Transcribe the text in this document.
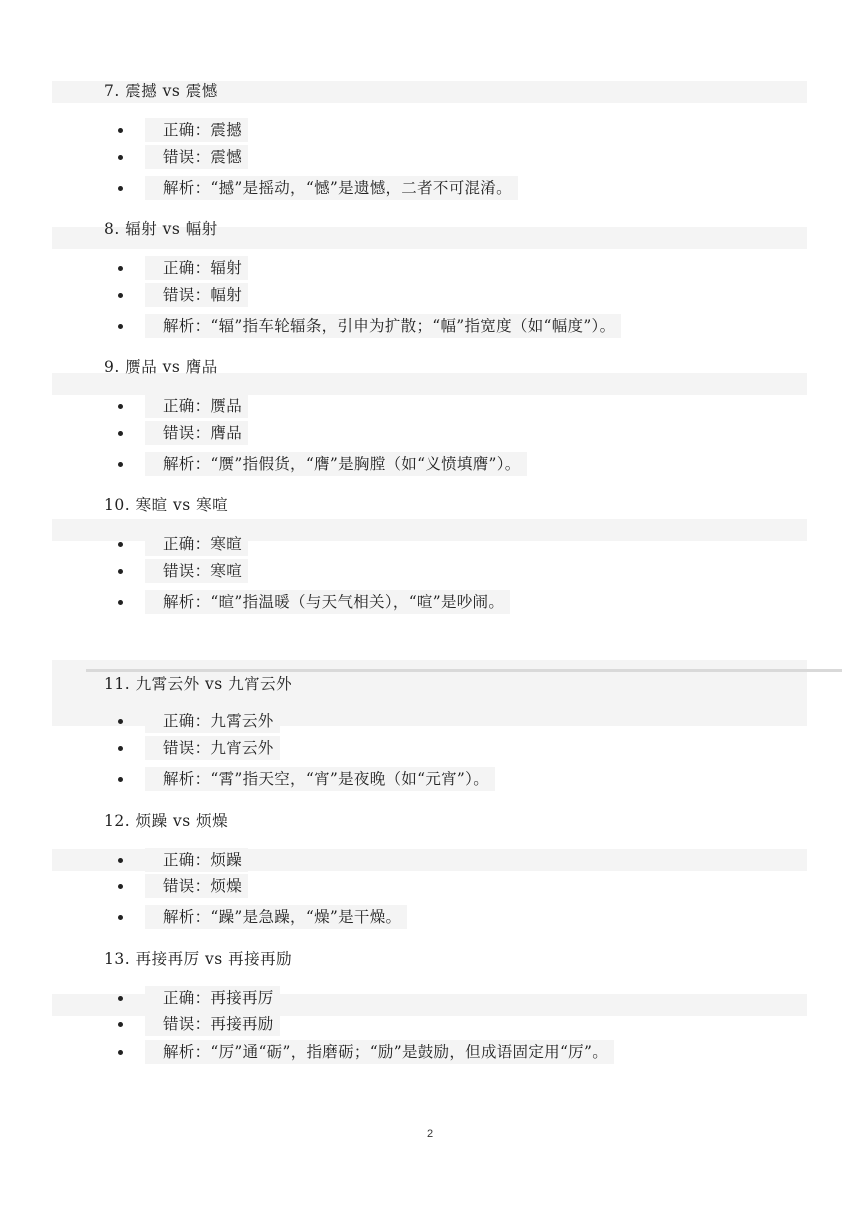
7. 震撼 vs 震憾
正确：震撼
错误：震憾
解析：“撼”是摇动，“憾”是遗憾，二者不可混淆。
8. 辐射 vs 幅射
正确：辐射
错误：幅射
解析：“辐”指车轮辐条，引申为扩散；“幅”指宽度（如“幅度”）。
9. 赝品 vs 膺品
正确：赝品
错误：膺品
解析：“赝”指假货，“膺”是胸膛（如“义愤填膺”）。
10. 寒暄 vs 寒喧
正确：寒暄
错误：寒喧
解析：“暄”指温暖（与天气相关），“喧”是吵闹。
11. 九霄云外 vs 九宵云外
正确：九霄云外
错误：九宵云外
解析：“霄”指天空，“宵”是夜晚（如“元宵”）。
12. 烦躁 vs 烦燥
正确：烦躁
错误：烦燥
解析：“躁”是急躁，“燥”是干燥。
13. 再接再厉 vs 再接再励
正确：再接再厉
错误：再接再励
解析：“厉”通“砺”，指磨砺；“励”是鼓励，但成语固定用“厉”。
2
